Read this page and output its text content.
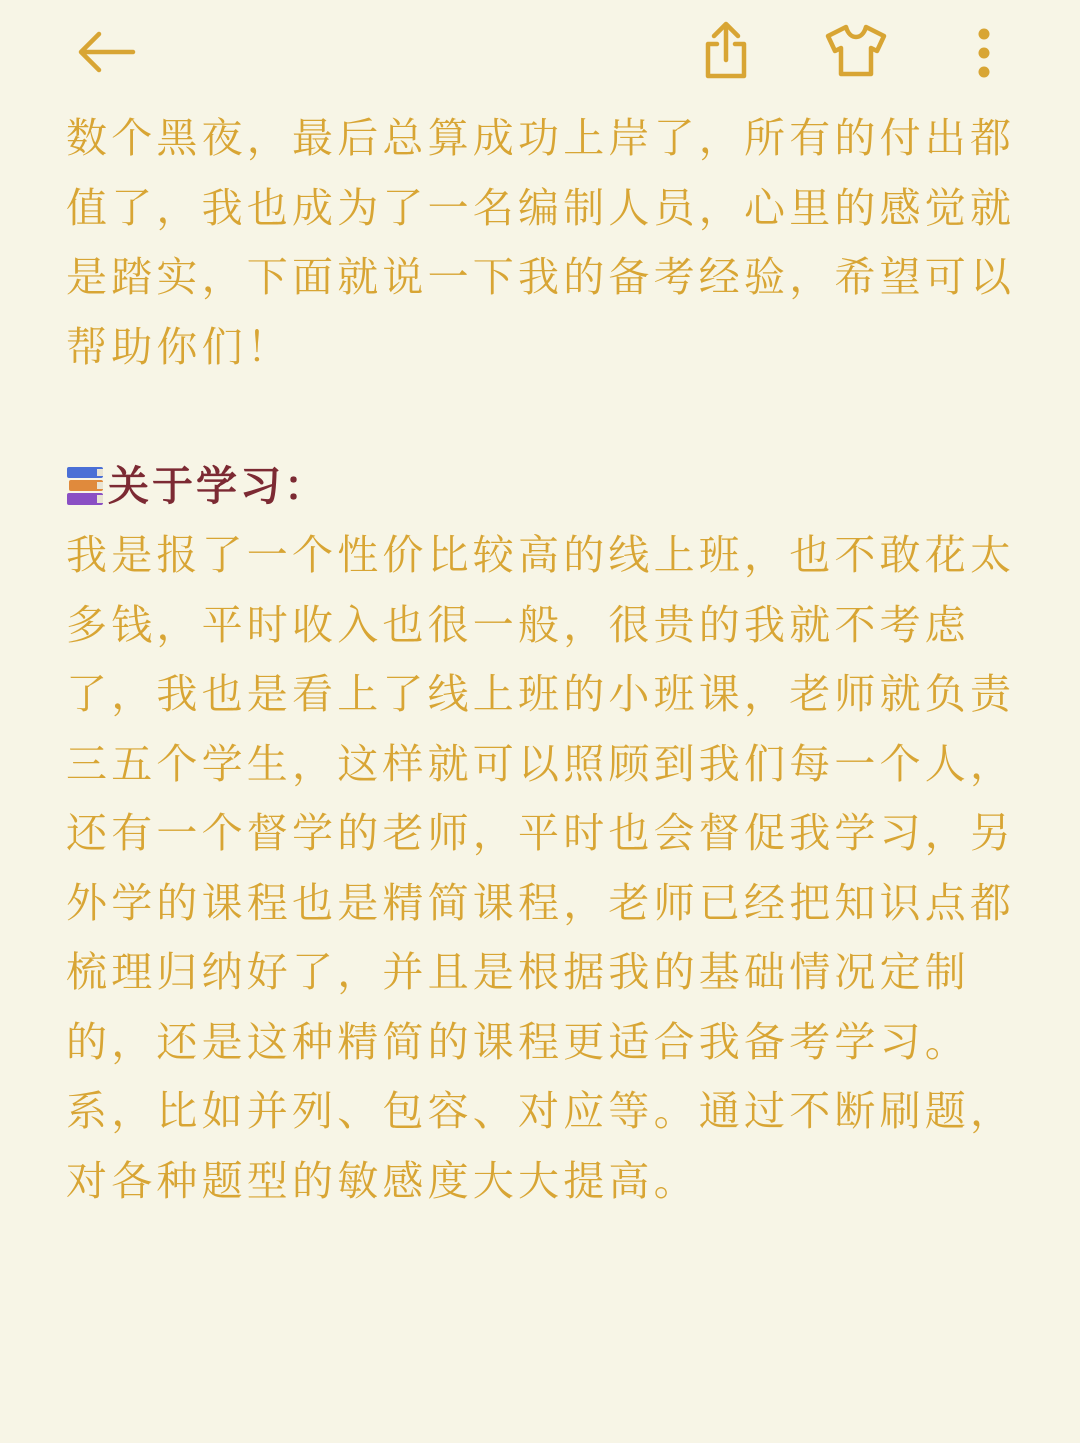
数个黑夜，最后总算成功上岸了，所有的付出都值了，我也成为了一名编制人员，心里的感觉就是踏实，下面就说一下我的备考经验，希望可以帮助你们！

关于学习：

我是报了一个性价比较高的线上班，也不敢花太多钱，平时收入也很一般，很贵的我就不考虑了，我也是看上了线上班的小班课，老师就负责三五个学生，这样就可以照顾到我们每一个人，还有一个督学的老师，平时也会督促我学习，另外学的课程也是精简课程，老师已经把知识点都梳理归纳好了，并且是根据我的基础情况定制的，还是这种精简的课程更适合我备考学习。系，比如并列、包容、对应等。通过不断刷题，对各种题型的敏感度大大提高。
